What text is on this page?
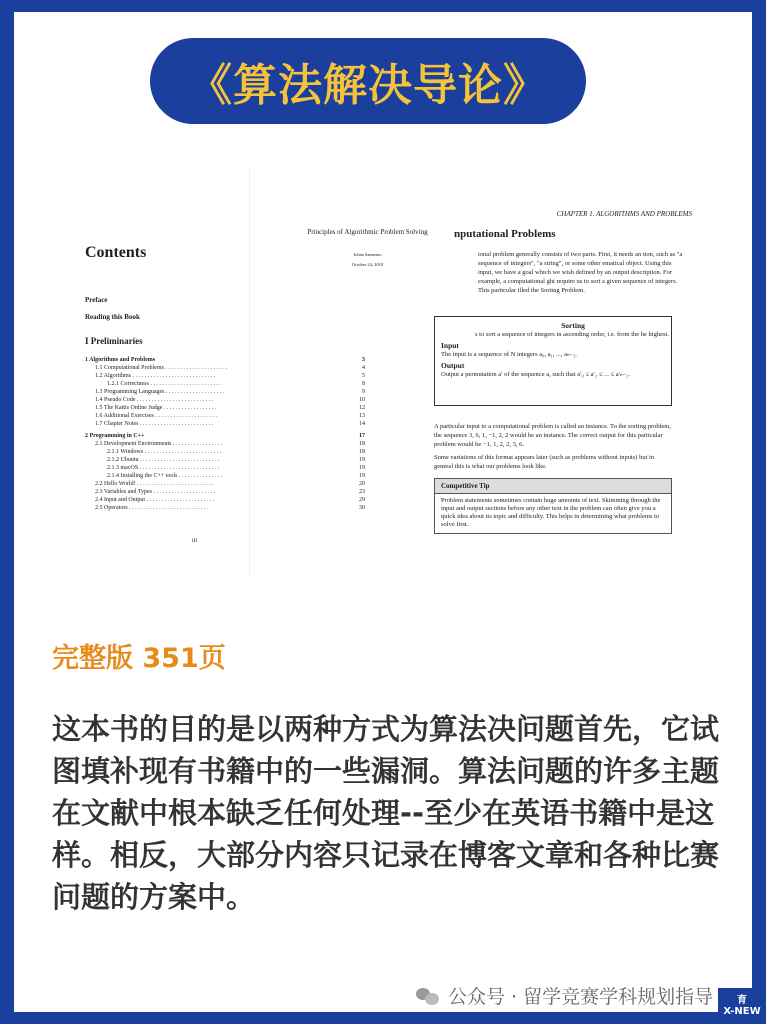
《算法解决导论》
Contents
Preface
Reading this Book
I Preliminaries
1 Algorithms and Problems	3
1.1 Computational Problems . . . . . . . . . . . . . . . . . . . . .	4
1.2 Algorithms . . . . . . . . . . . . . . . . . . . . . . . . . . . .	5
1.2.1 Correctness . . . . . . . . . . . . . . . . . . . . . . . .	8
1.3 Programming Languages . . . . . . . . . . . . . . . . . . . .	9
1.4 Pseudo Code . . . . . . . . . . . . . . . . . . . . . . . . . .	10
1.5 The Kattis Online Judge . . . . . . . . . . . . . . . . . .	12
1.6 Additional Exercises . . . . . . . . . . . . . . . . . . . . .	13
1.7 Chapter Notes . . . . . . . . . . . . . . . . . . . . . . . . .	14
2 Programming in C++	17
2.1 Development Environments . . . . . . . . . . . . . . . . .	18
2.1.1 Windows . . . . . . . . . . . . . . . . . . . . . . . . . .	18
2.1.2 Ubuntu . . . . . . . . . . . . . . . . . . . . . . . . . . .	19
2.1.3 macOS . . . . . . . . . . . . . . . . . . . . . . . . . . .	19
2.1.4 Installing the C++ tools . . . . . . . . . . . . . . .	19
2.2 Hello World! . . . . . . . . . . . . . . . . . . . . . . . . . .	20
2.3 Variables and Types . . . . . . . . . . . . . . . . . . . . .	23
2.4 Input and Output . . . . . . . . . . . . . . . . . . . . . . .	29
2.5 Operators . . . . . . . . . . . . . . . . . . . . . . . . . . .	30
iii
Principles of Algorithmic Problem Solving
Johan Sannemo
October 24, 2018
CHAPTER 1. ALGORITHMS AND PROBLEMS
nputational Problems
ional problem generally consists of two parts. First, it needs an tion, such as "a sequence of integers", "a string", or some other ematical object. Using this input, we have a goal which we wish defined by an output description. For example, a computational ght require us to sort a given sequence of integers. This particular illed the Sorting Problem.
Sorting
s to sort a sequence of integers in ascending order, i.e. from the he highest.
Input
The input is a sequence of N integers a₀, a₁, ..., aₙ₋₁.
Output
Output a permutation a′ of the sequence a, such that a′₀ ≤ a′₁ ≤ ... ≤ a′ₙ₋₁.
A particular input to a computational problem is called an instance. To the sorting problem, the sequence 3, 6, 1, −1, 2, 2 would be an instance. The correct output for this particular problem would be −1, 1, 2, 2, 3, 6.
Some variations of this format appears later (such as problems without inputs) but in general this is what our problems look like.
Competitive Tip
Problem statements sometimes contain huge amounts of text. Skimming through the input and output sections before any other text in the problem can often give you a quick idea about its topic and difficulty. This helps in determining what problems to solve first.
完整版 351页
这本书的目的是以两种方式为算法决问题首先，它试图填补现有书籍中的一些漏洞。算法问题的许多主题在文献中根本缺乏任何处理--至少在英语书籍中是这样。相反，大部分内容只记录在博客文章和各种比赛问题的方案中。
公众号 · 留学竞赛学科规划指导 育
X-NEW
